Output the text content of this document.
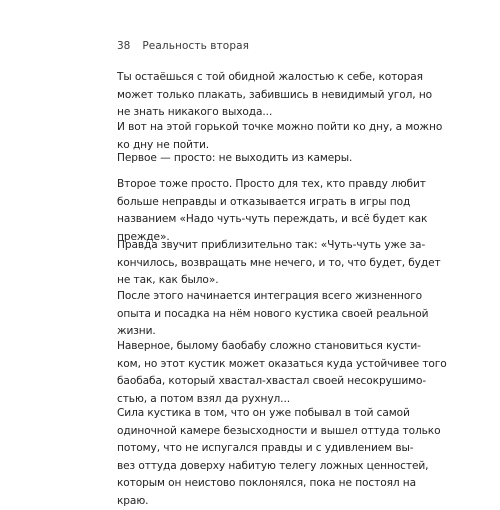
38 Реальность вторая

Ты остаёшься с той обидной жалостью к себе, которая
может только плакать, забившись в невидимый угол, но
не знать никакого выхода...

И вот на этой горькой точке можно пойти ко дну, а можно
ко дну не пойти.

Первое — просто: не выходить из камеры.

Второе тоже просто. Просто для тех, кто правду любит
больше неправды и отказывается играть в игры под
названием «Надо чуть-чуть переждать, и всё будет как
прежде».

Правда звучит приблизительно так: «Чуть-чуть уже за-
кончилось, возвращать мне нечего, и то, что будет, будет
не так, как было».

После этого начинается интеграция всего жизненного
опыта и посадка на нём нового кустика своей реальной
жизни.

Наверное, былому баобабу сложно становиться кусти-
ком, но этот кустик может оказаться куда устойчивее того
баобаба, который хвастал-хвастал своей несокрушимо-
стью, а потом взял да рухнул...

Сила кустика в том, что он уже побывал в той самой
одиночной камере безысходности и вышел оттуда только
потому, что не испугался правды и с удивлением вы-
вез оттуда доверху набитую телегу ложных ценностей,
которым он неистово поклонялся, пока не постоял на
краю.
